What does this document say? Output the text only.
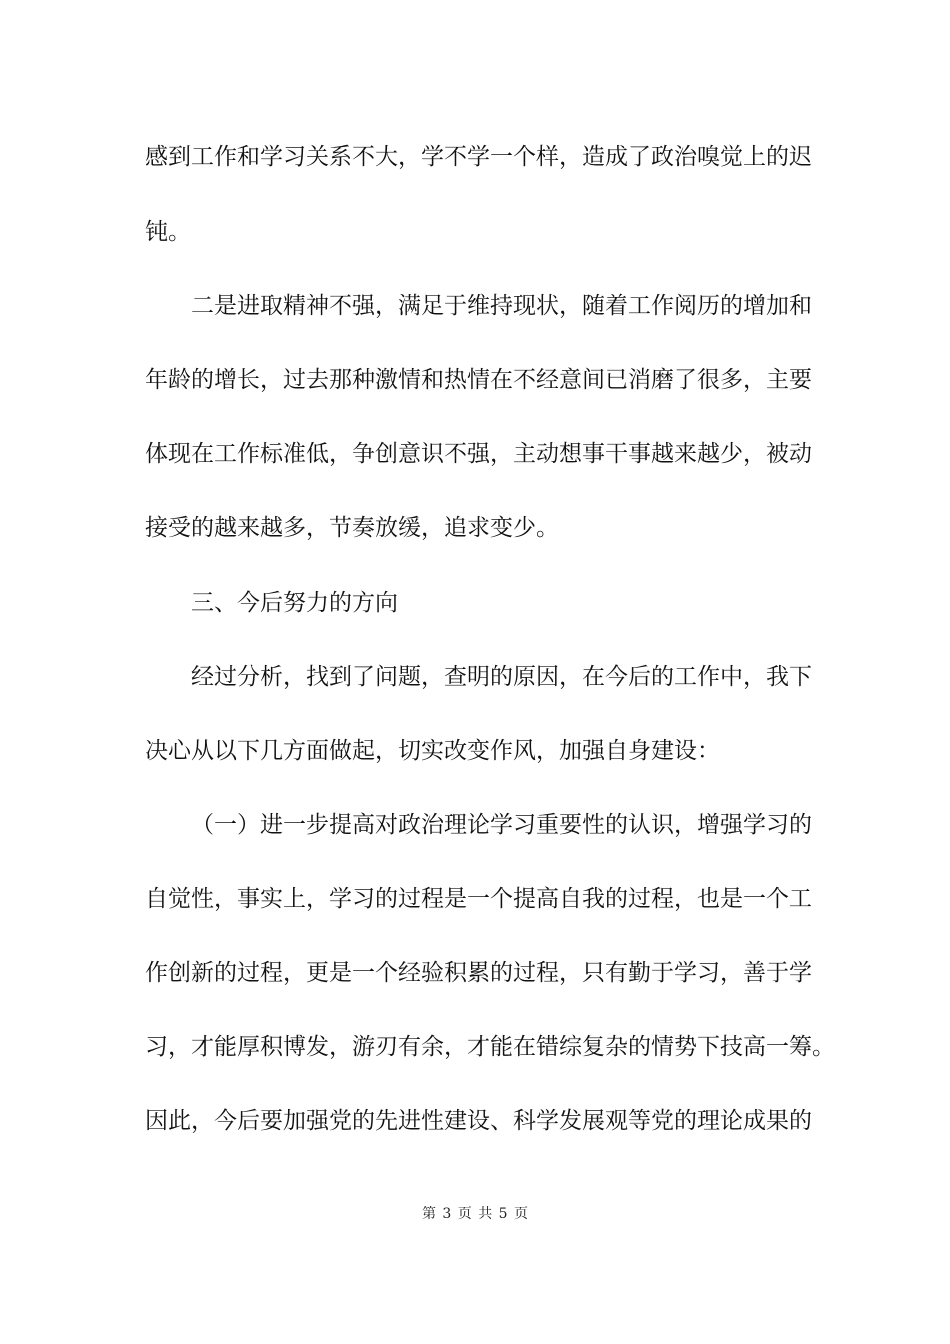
感到工作和学习关系不大，学不学一个样，造成了政治嗅觉上的迟
钝。
二是进取精神不强，满足于维持现状，随着工作阅历的增加和
年龄的增长，过去那种激情和热情在不经意间已消磨了很多，主要
体现在工作标准低，争创意识不强，主动想事干事越来越少，被动
接受的越来越多，节奏放缓，追求变少。
三、今后努力的方向
经过分析，找到了问题，查明的原因，在今后的工作中，我下
决心从以下几方面做起，切实改变作风，加强自身建设：
（一）进一步提高对政治理论学习重要性的认识，增强学习的
自觉性，事实上，学习的过程是一个提高自我的过程，也是一个工
作创新的过程，更是一个经验积累的过程，只有勤于学习，善于学
习，才能厚积博发，游刃有余，才能在错综复杂的情势下技高一筹。
因此，今后要加强党的先进性建设、科学发展观等党的理论成果的
第 3 页 共 5 页
